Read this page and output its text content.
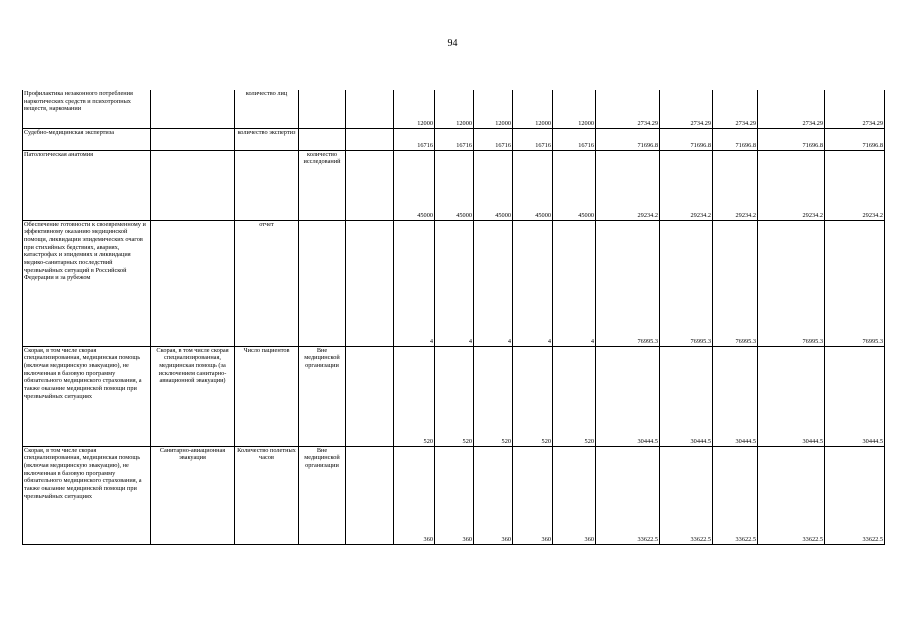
94
Профилактика незаконного потребления наркотических средств и психотропных веществ, наркомании		количество лиц			12000	12000	12000	12000	12000	2734.29	2734.29	2734.29	2734.29	2734.29
Судебно-медицинская экспертиза		количество экспертиз			16716	16716	16716	16716	16716	71696.8	71696.8	71696.8	71696.8	71696.8
Патологическая анатомия			количество исследований		45000	45000	45000	45000	45000	29234.2	29234.2	29234.2	29234.2	29234.2
Обеспечение готовности к своевременному и эффективному оказанию медицинской помощи, ликвидации эпидемических очагов при стихийных бедствиях, авариях, катастрофах и эпидемиях и ликвидация медико-санитарных последствий чрезвычайных ситуаций в Российской Федерации и за рубежом		отчет			4	4	4	4	4	76995.3	76995.3	76995.3	76995.3	76995.3
Скорая, в том числе скорая специализированная, медицинская помощь (включая медицинскую эвакуацию), не включенная в базовую программу обязательного медицинского страхования, а также оказание медицинской помощи при чрезвычайных ситуациях	Скорая, в том числе скорая специализированная, медицинская помощь (за исключением санитарно-авиационной эвакуации)	Число пациентов	Вне медицинской организации		520	520	520	520	520	30444.5	30444.5	30444.5	30444.5	30444.5
Скорая, в том числе скорая специализированная, медицинская помощь (включая медицинскую эвакуацию), не включенная в базовую программу обязательного медицинского страхования, а также оказание медицинской помощи при чрезвычайных ситуациях	Санитарно-авиационная эвакуация	Количество полетных часов	Вне медицинской организации		360	360	360	360	360	33622.5	33622.5	33622.5	33622.5	33622.5
